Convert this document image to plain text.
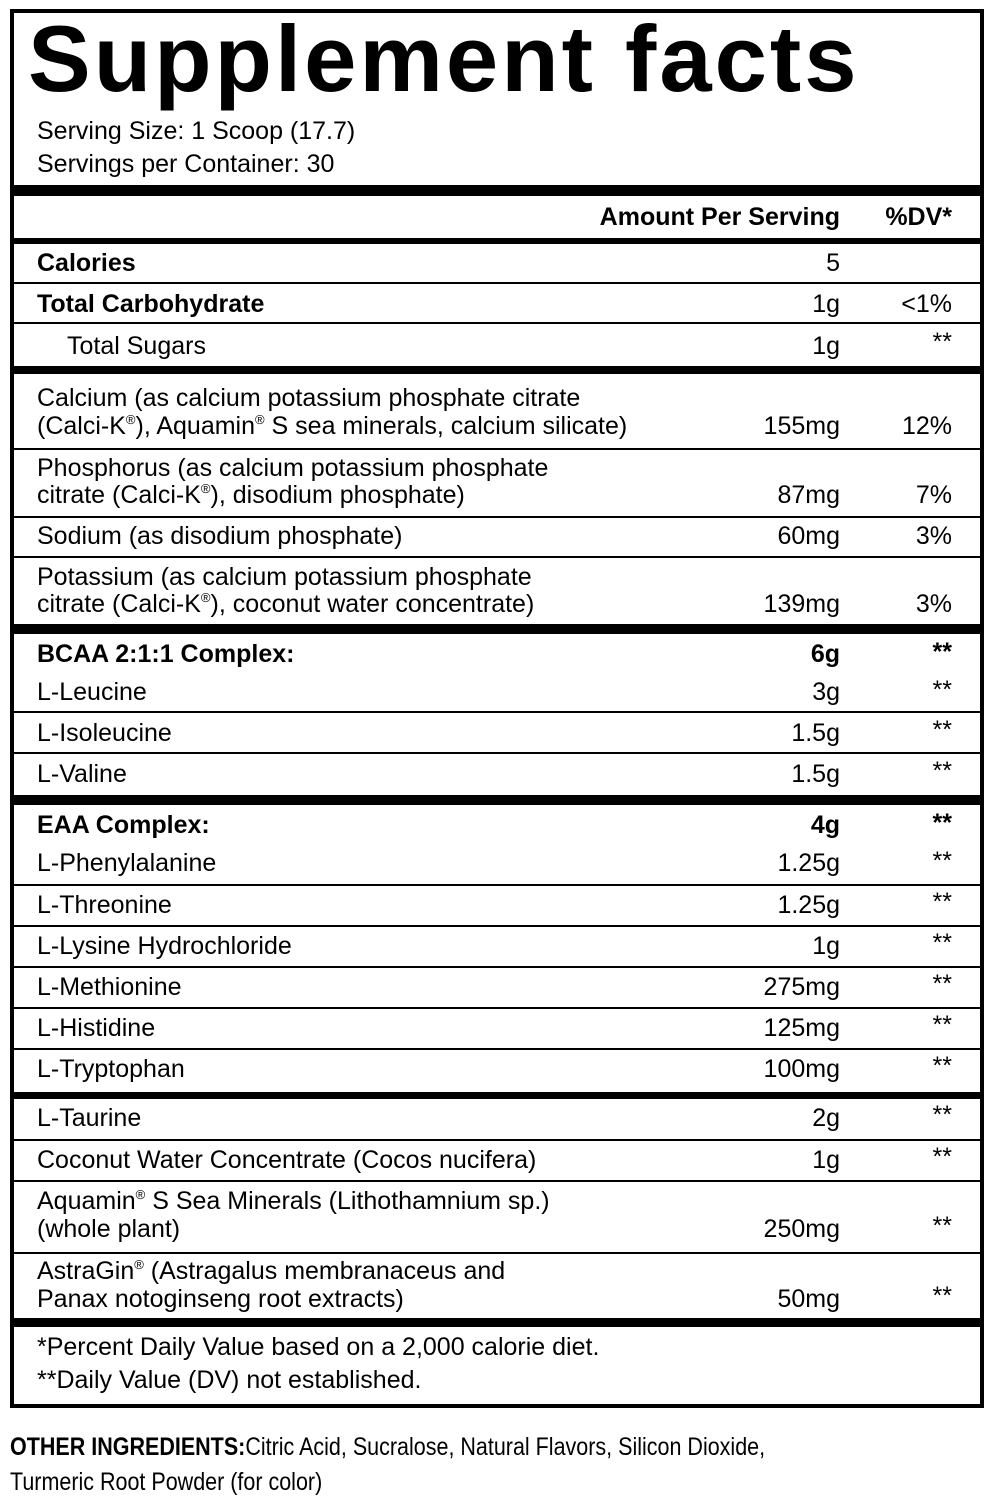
Supplement facts
Serving Size: 1 Scoop (17.7)
Servings per Container: 30
Amount Per Serving %DV*
Calories	5
Total Carbohydrate	1g <1%
Total Sugars	1g	**
Calcium (as calcium potassium phosphate citrate
(Calci-K®), Aquamin® S sea minerals, calcium silicate)	155mg 12%
Phosphorus (as calcium potassium phosphate
citrate (Calci-K®), disodium phosphate)	87mg	7%
Sodium (as disodium phosphate)	60mg	3%
Potassium (as calcium potassium phosphate
citrate (Calci-K®), coconut water concentrate)	139mg	3%
BCAA 2:1:1 Complex:	6g	**
L-Leucine	3g	**
L-Isoleucine	1.5g	**
L-Valine	1.5g	**
EAA Complex:	4g	**
L-Phenylalanine	1.25g	**
L-Threonine	1.25g	**
L-Lysine Hydrochloride	1g	**
L-Methionine	275mg	**
L-Histidine	125mg	**
L-Tryptophan	100mg	**
L-Taurine	2g	**
Coconut Water Concentrate (Cocos nucifera)	1g	**
Aquamin® S Sea Minerals (Lithothamnium sp.)
(whole plant)	250mg	**
AstraGin® (Astragalus membranaceus and
Panax notoginseng root extracts)	50mg	**
*Percent Daily Value based on a 2,000 calorie diet.
**Daily Value (DV) not established.
OTHER INGREDIENTS:Citric Acid, Sucralose, Natural Flavors, Silicon Dioxide,
Turmeric Root Powder (for color)
